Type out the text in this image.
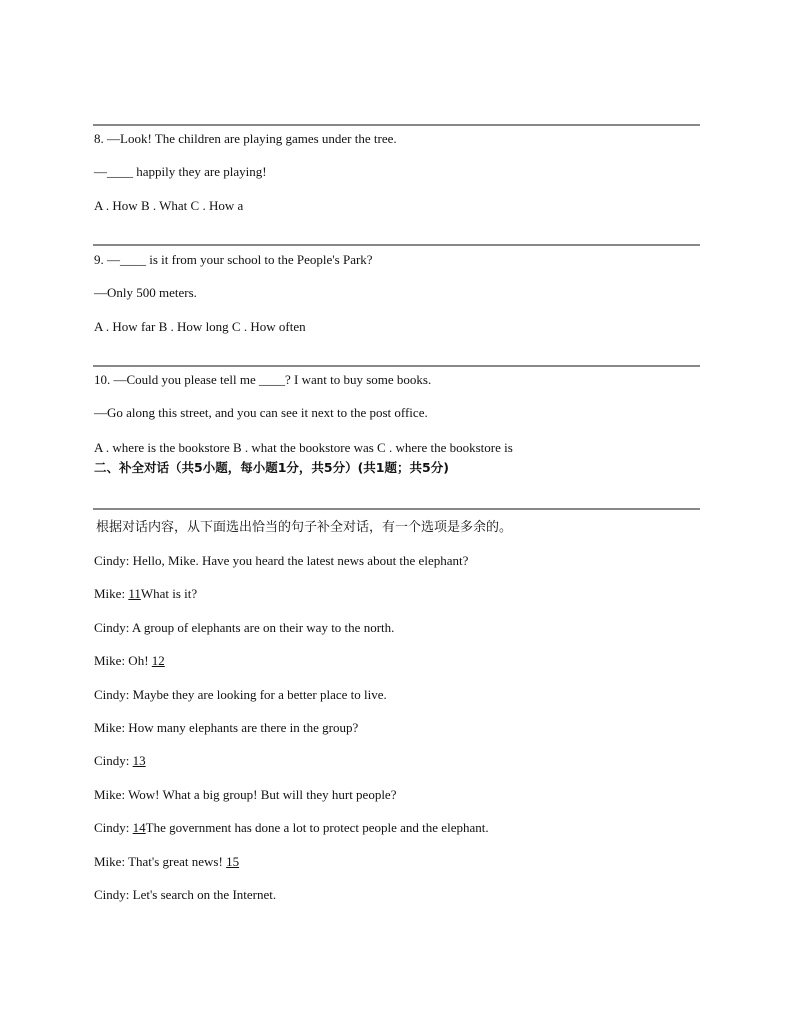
8. —Look! The children are playing games under the tree.
—____ happily they are playing!
A . How B . What C . How a
9. —____ is it from your school to the People's Park?
—Only 500 meters.
A . How far B . How long C . How often
10. —Could you please tell me ____? I want to buy some books.
—Go along this street, and you can see it next to the post office.
A . where is the bookstore B . what the bookstore was C . where the bookstore is
二、补全对话（共5小题，每小题1分，共5分）(共1题；共5分)
根据对话内容，从下面选出恰当的句子补全对话，有一个选项是多余的。
Cindy: Hello, Mike. Have you heard the latest news about the elephant?
Mike: 11What is it?
Cindy: A group of elephants are on their way to the north.
Mike: Oh! 12
Cindy: Maybe they are looking for a better place to live.
Mike: How many elephants are there in the group?
Cindy: 13
Mike: Wow! What a big group! But will they hurt people?
Cindy: 14The government has done a lot to protect people and the elephant.
Mike: That's great news! 15
Cindy: Let's search on the Internet.
